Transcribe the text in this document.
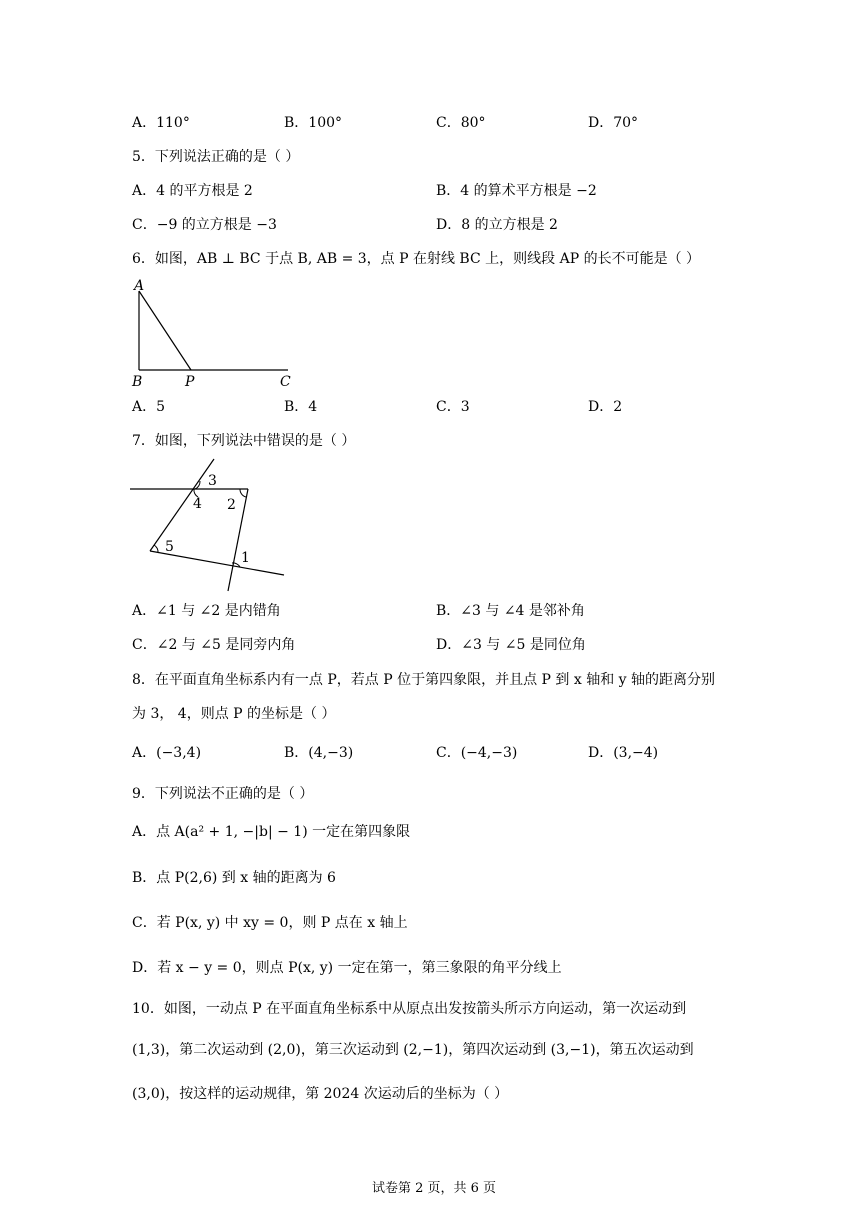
A．110°	B．100°	C．80°	D．70°
5．下列说法正确的是（ ）
A．4 的平方根是 2	B．4 的算术平方根是 −2
C．−9 的立方根是 −3	D．8 的立方根是 2
6．如图，AB ⊥ BC 于点 B, AB = 3，点 P 在射线 BC 上，则线段 AP 的长不可能是（ ）
A
B	P	C
A．5	B．4	C．3	D．2
7．如图，下列说法中错误的是（ ）
3
4 2
5
1
A．∠1 与 ∠2 是内错角	B．∠3 与 ∠4 是邻补角
C．∠2 与 ∠5 是同旁内角	D．∠3 与 ∠5 是同位角
8．在平面直角坐标系内有一点 P，若点 P 位于第四象限，并且点 P 到 x 轴和 y 轴的距离分别
为 3， 4，则点 P 的坐标是（ ）
A．(−3,4)	B．(4,−3)	C．(−4,−3)	D．(3,−4)
9．下列说法不正确的是（ ）
A．点 A(a² + 1, −|b| − 1) 一定在第四象限
B．点 P(2,6) 到 x 轴的距离为 6
C．若 P(x, y) 中 xy = 0，则 P 点在 x 轴上
D．若 x − y = 0，则点 P(x, y) 一定在第一，第三象限的角平分线上
10．如图，一动点 P 在平面直角坐标系中从原点出发按箭头所示方向运动，第一次运动到
(1,3)，第二次运动到 (2,0)，第三次运动到 (2,−1)，第四次运动到 (3,−1)，第五次运动到
(3,0)，按这样的运动规律，第 2024 次运动后的坐标为（ ）
试卷第 2 页，共 6 页
